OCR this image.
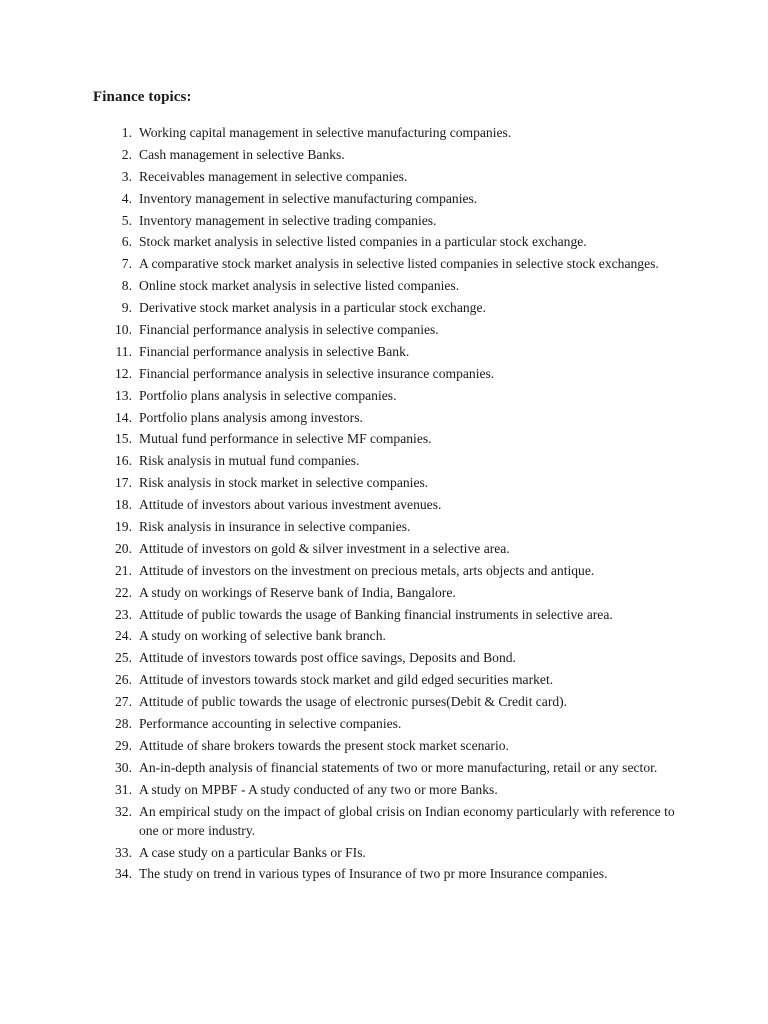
Finance topics:
1. Working capital management in selective manufacturing companies.
2. Cash management in selective Banks.
3. Receivables management in selective companies.
4. Inventory management in selective manufacturing companies.
5. Inventory management in selective trading companies.
6. Stock market analysis in selective listed companies in a particular stock exchange.
7. A comparative stock market analysis in selective listed companies in selective stock exchanges.
8. Online stock market analysis in selective listed companies.
9. Derivative stock market analysis in a particular stock exchange.
10. Financial performance analysis in selective companies.
11. Financial performance analysis in selective Bank.
12. Financial performance analysis in selective insurance companies.
13. Portfolio plans analysis in selective companies.
14. Portfolio plans analysis among investors.
15. Mutual fund performance in selective MF companies.
16. Risk analysis in mutual fund companies.
17. Risk analysis in stock market in selective companies.
18. Attitude of investors about various investment avenues.
19. Risk analysis in insurance in selective companies.
20. Attitude of investors on gold & silver investment in a selective area.
21. Attitude of investors on the investment on precious metals, arts objects and antique.
22. A study on workings of Reserve bank of India, Bangalore.
23. Attitude of public towards the usage of Banking financial instruments in selective area.
24. A study on working of selective bank branch.
25. Attitude of investors towards post office savings, Deposits and Bond.
26. Attitude of investors towards stock market and gild edged securities market.
27. Attitude of public towards the usage of electronic purses(Debit & Credit card).
28. Performance accounting in selective companies.
29. Attitude of share brokers towards the present stock market scenario.
30. An-in-depth analysis of financial statements of two or more manufacturing, retail or any sector.
31. A study on MPBF - A study conducted of any two or more Banks.
32. An empirical study on the impact of global crisis on Indian economy particularly with reference to one or more industry.
33. A case study on a particular Banks or FIs.
34. The study on trend in various types of Insurance of two pr more Insurance companies.
